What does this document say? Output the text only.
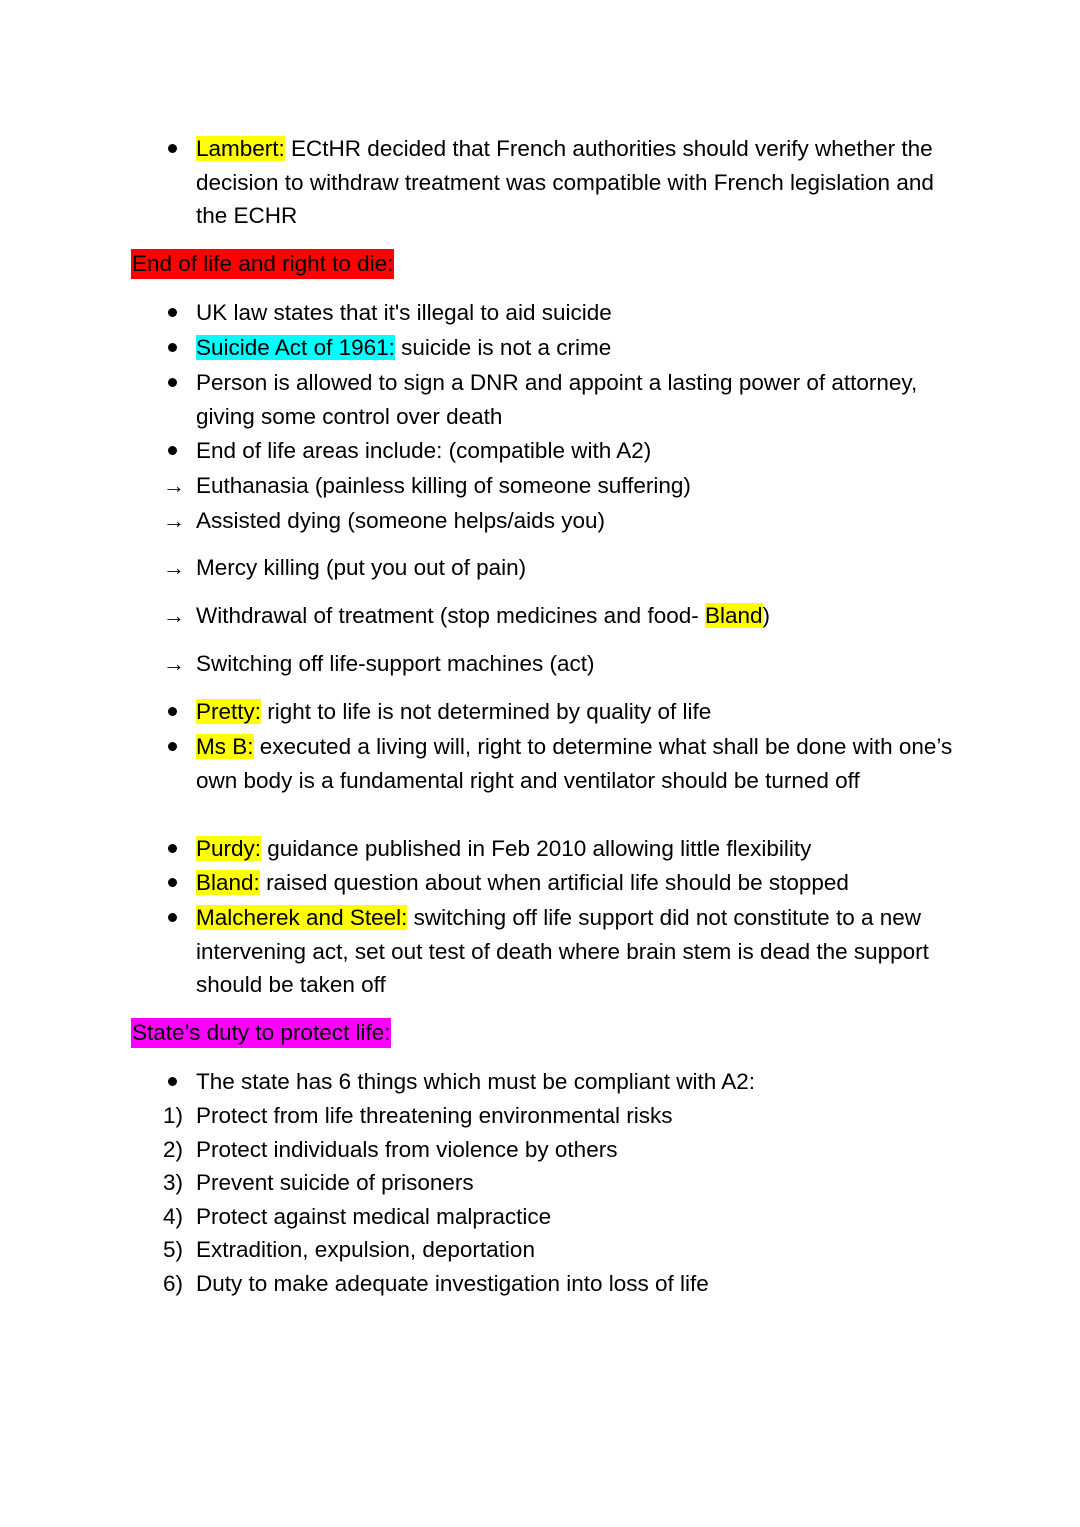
Lambert: ECtHR decided that French authorities should verify whether the decision to withdraw treatment was compatible with French legislation and the ECHR
End of life and right to die:
UK law states that it's illegal to aid suicide
Suicide Act of 1961: suicide is not a crime
Person is allowed to sign a DNR and appoint a lasting power of attorney, giving some control over death
End of life areas include: (compatible with A2)
→ Euthanasia (painless killing of someone suffering)
→ Assisted dying (someone helps/aids you)
→ Mercy killing (put you out of pain)
→ Withdrawal of treatment (stop medicines and food- Bland)
→ Switching off life-support machines (act)
Pretty: right to life is not determined by quality of life
Ms B: executed a living will, right to determine what shall be done with one’s own body is a fundamental right and ventilator should be turned off
Purdy: guidance published in Feb 2010 allowing little flexibility
Bland: raised question about when artificial life should be stopped
Malcherek and Steel: switching off life support did not constitute to a new intervening act, set out test of death where brain stem is dead the support should be taken off
State’s duty to protect life:
The state has 6 things which must be compliant with A2:
1) Protect from life threatening environmental risks
2) Protect individuals from violence by others
3) Prevent suicide of prisoners
4) Protect against medical malpractice
5) Extradition, expulsion, deportation
6) Duty to make adequate investigation into loss of life
